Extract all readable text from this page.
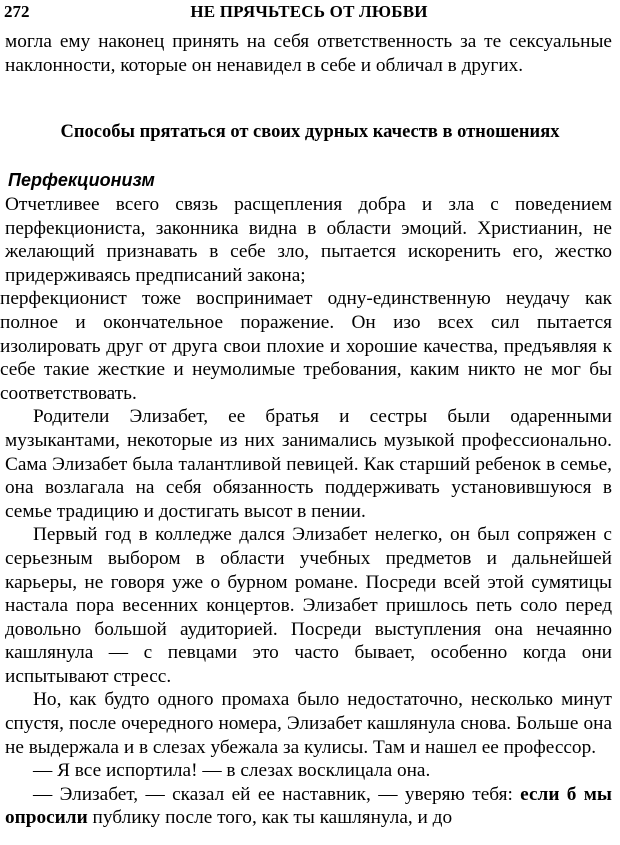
272	НЕ ПРЯЧЬТЕСЬ ОТ ЛЮБВИ

могла ему наконец принять на себя ответственность за те сексуальные наклонности, которые он ненавидел в себе и обличал в других.

Способы прятаться от своих дурных качеств в отношениях
Перфекционизм

Отчетливее всего связь расщепления добра и зла с поведением перфекциониста, законника видна в области эмоций. Христианин, не желающий признавать в себе зло, пытается искоренить его, жестко придерживаясь предписаний закона;

перфекционист тоже воспринимает одну-единственную неудачу как полное и окончательное поражение. Он изо всех сил пытается изолировать друг от друга свои плохие и хорошие качества, предъявляя к себе такие жесткие и неумолимые требования, каким никто не мог бы соответствовать.

Родители Элизабет, ее братья и сестры были одаренными музыкантами, некоторые из них занимались музыкой профессионально. Сама Элизабет была талантливой певицей. Как старший ребенок в семье, она возлагала на себя обязанность поддерживать установившуюся в семье традицию и достигать высот в пении.

Первый год в колледже дался Элизабет нелегко, он был сопряжен с серьезным выбором в области учебных предметов и дальнейшей карьеры, не говоря уже о бурном романе. Посреди всей этой сумятицы настала пора весенних концертов. Элизабет пришлось петь соло перед довольно большой аудиторией. Посреди выступления она нечаянно кашлянула — с певцами это часто бывает, особенно когда они испытывают стресс.

Но, как будто одного промаха было недостаточно, несколько минут спустя, после очередного номера, Элизабет кашлянула снова. Больше она не выдержала и в слезах убежала за кулисы. Там и нашел ее профессор.

— Я все испортила! — в слезах восклицала она.

— Элизабет, — сказал ей ее наставник, — уверяю тебя: если б мы опросили публику после того, как ты кашлянула, и до
